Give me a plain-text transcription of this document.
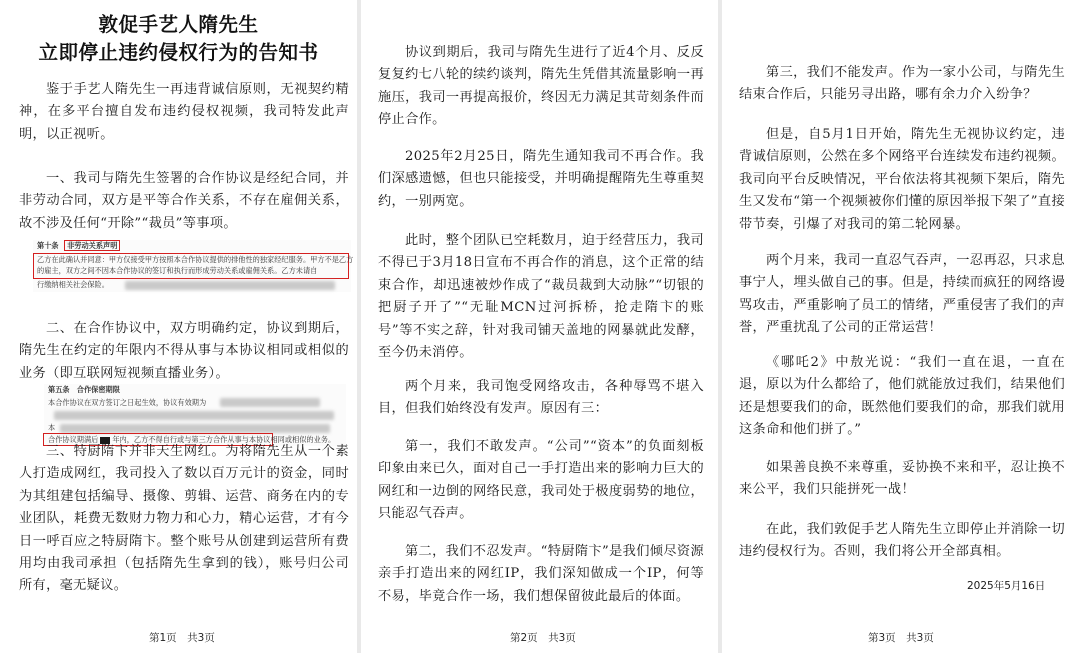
敦促手艺人隋先生
立即停止违约侵权行为的告知书

鉴于手艺人隋先生一再违背诚信原则，无视契约精神，在多平台擅自发布违约侵权视频，我司特发此声明，以正视听。

一、我司与隋先生签署的合作协议是经纪合同，并非劳动合同，双方是平等合作关系，不存在雇佣关系，故不涉及任何“开除”“裁员”等事项。

第十条 非劳动关系声明
乙方在此确认并同意：甲方仅接受甲方按照本合作协议提供的排他性的独家经纪服务。甲方不是乙方
的雇主，双方之间不因本合作协议的签订和执行而形成劳动关系或雇佣关系。乙方未请自
行缴纳相关社会保险。

二、在合作协议中，双方明确约定，协议到期后，隋先生在约定的年限内不得从事与本协议相同或相似的业务（即互联网短视频直播业务）。

第五条　合作保密期限
本合作协议在双方签订之日起生效，协议有效期为
本
合作协议期满后 年内，乙方不得自行或与第三方合作从事与本协议相同或相似的业务。

三、特厨隋卞并非天生网红。为将隋先生从一个素人打造成网红，我司投入了数以百万元计的资金，同时为其组建包括编导、摄像、剪辑、运营、商务在内的专业团队，耗费无数财力物力和心力，精心运营，才有今日一呼百应之特厨隋卞。整个账号从创建到运营所有费用均由我司承担（包括隋先生拿到的钱），账号归公司所有，毫无疑议。

第1页　共3页

协议到期后，我司与隋先生进行了近4个月、反反复复约七八轮的续约谈判，隋先生凭借其流量影响一再施压，我司一再提高报价，终因无力满足其苛刻条件而停止合作。

2025年2月25日，隋先生通知我司不再合作。我们深感遗憾，但也只能接受，并明确提醒隋先生尊重契约，一别两宽。

此时，整个团队已空耗数月，迫于经营压力，我司不得已于3月18日宣布不再合作的消息，这个正常的结束合作，却迅速被炒作成了“裁员裁到大动脉”“切银的把厨子开了”“无耻MCN过河拆桥，抢走隋卞的账号”等不实之辞，针对我司铺天盖地的网暴就此发酵，至今仍未消停。

两个月来，我司饱受网络攻击，各种辱骂不堪入目，但我们始终没有发声。原因有三：

第一，我们不敢发声。“公司”“资本”的负面刻板印象由来已久，面对自己一手打造出来的影响力巨大的网红和一边倒的网络民意，我司处于极度弱势的地位，只能忍气吞声。

第二，我们不忍发声。“特厨隋卞”是我们倾尽资源亲手打造出来的网红IP，我们深知做成一个IP，何等不易，毕竟合作一场，我们想保留彼此最后的体面。

第2页　共3页

第三，我们不能发声。作为一家小公司，与隋先生结束合作后，只能另寻出路，哪有余力介入纷争？

但是，自5月1日开始，隋先生无视协议约定，违背诚信原则，公然在多个网络平台连续发布违约视频。我司向平台反映情况，平台依法将其视频下架后，隋先生又发布“第一个视频被你们懂的原因举报下架了”直接带节奏，引爆了对我司的第二轮网暴。

两个月来，我司一直忍气吞声，一忍再忍，只求息事宁人，埋头做自己的事。但是，持续而疯狂的网络谩骂攻击，严重影响了员工的情绪，严重侵害了我们的声誉，严重扰乱了公司的正常运营！

《哪吒2》中敖光说：“我们一直在退，一直在退，原以为什么都给了，他们就能放过我们，结果他们还是想要我们的命，既然他们要我们的命，那我们就用这条命和他们拼了。”

如果善良换不来尊重，妥协换不来和平，忍让换不来公平，我们只能拼死一战！

在此，我们敦促手艺人隋先生立即停止并消除一切违约侵权行为。否则，我们将公开全部真相。

2025年5月16日
第3页　共3页
